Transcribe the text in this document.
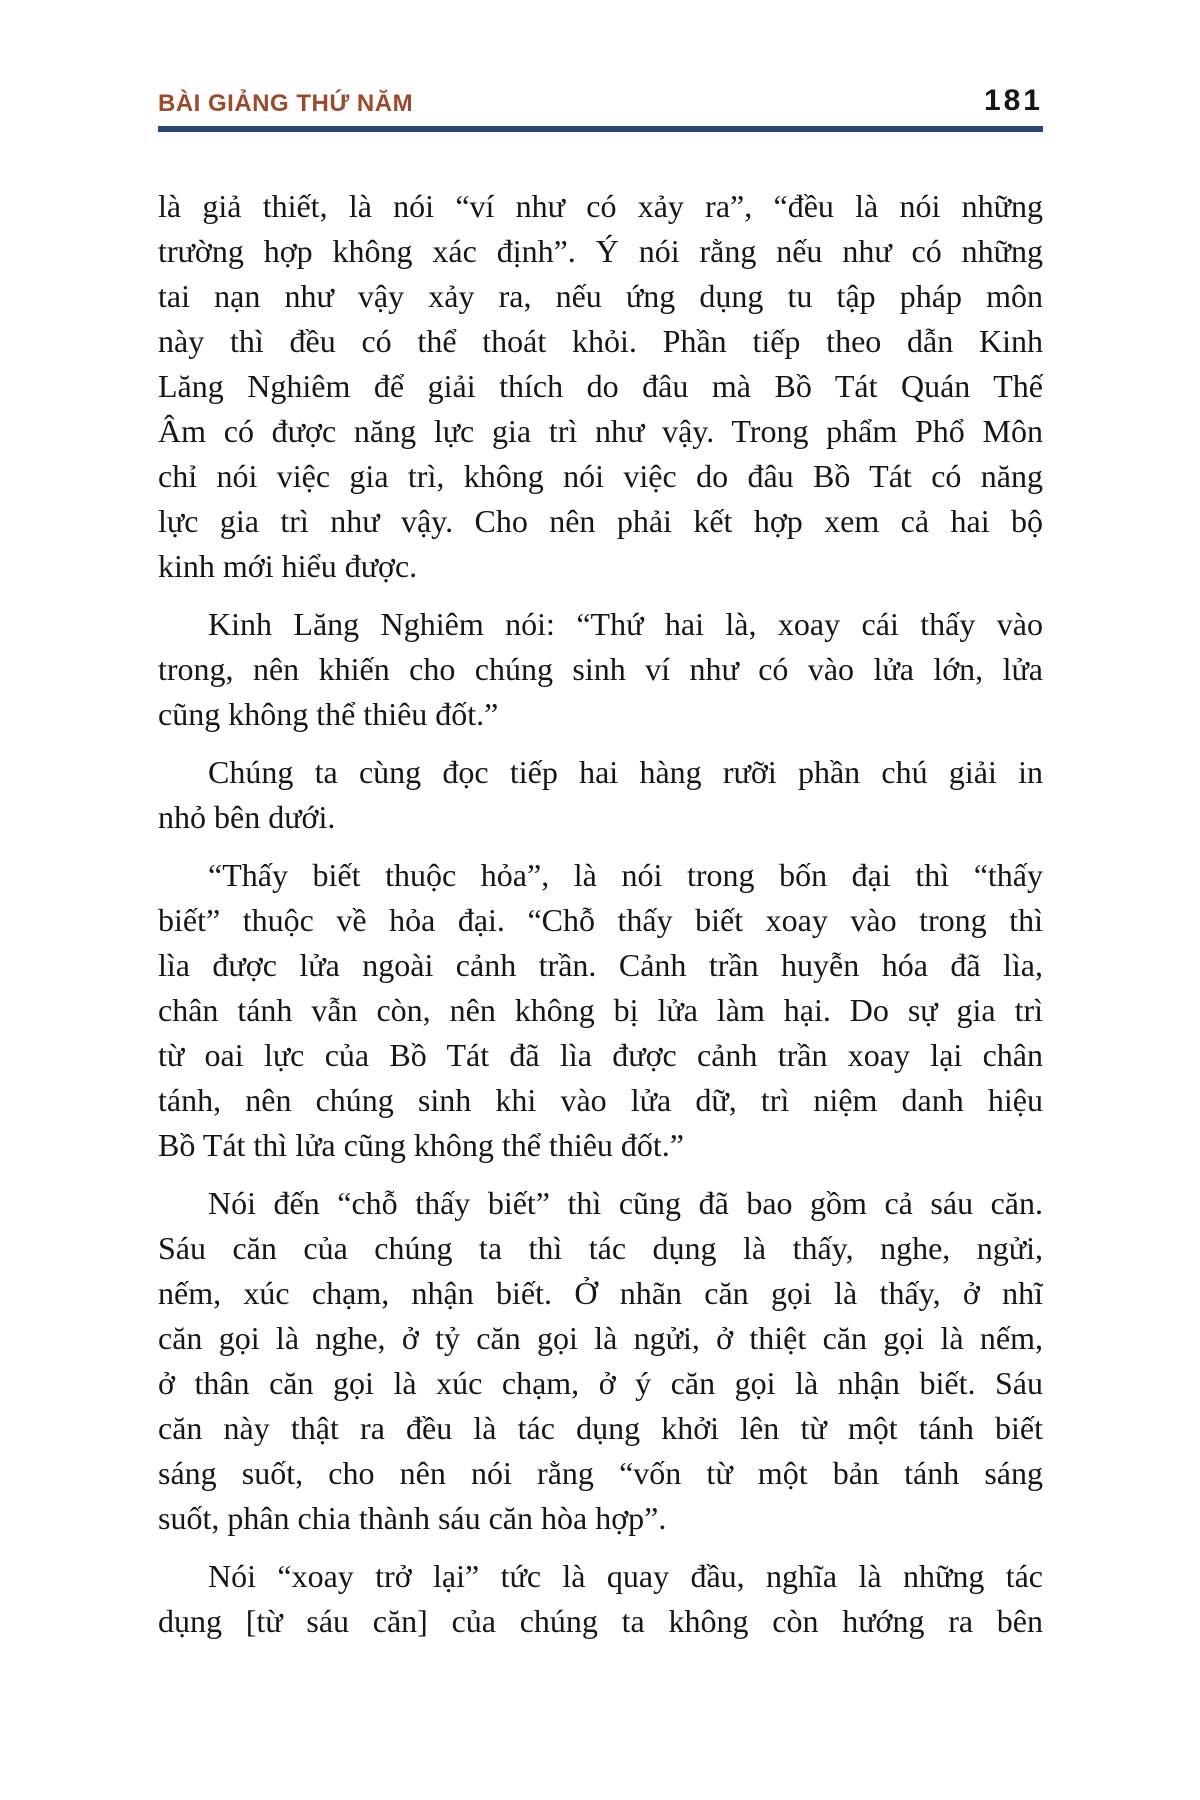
BÀI GIẢNG THỨ NĂM	181
là giả thiết, là nói “ví như có xảy ra”, “đều là nói những
trường hợp không xác định”. Ý nói rằng nếu như có những
tai nạn như vậy xảy ra, nếu ứng dụng tu tập pháp môn
này thì đều có thể thoát khỏi. Phần tiếp theo dẫn Kinh
Lăng Nghiêm để giải thích do đâu mà Bồ Tát Quán Thế
Âm có được năng lực gia trì như vậy. Trong phẩm Phổ Môn
chỉ nói việc gia trì, không nói việc do đâu Bồ Tát có năng
lực gia trì như vậy. Cho nên phải kết hợp xem cả hai bộ
kinh mới hiểu được.
Kinh Lăng Nghiêm nói: “Thứ hai là, xoay cái thấy vào
trong, nên khiến cho chúng sinh ví như có vào lửa lớn, lửa
cũng không thể thiêu đốt.”
Chúng ta cùng đọc tiếp hai hàng rưỡi phần chú giải in
nhỏ bên dưới.
“Thấy biết thuộc hỏa”, là nói trong bốn đại thì “thấy
biết” thuộc về hỏa đại. “Chỗ thấy biết xoay vào trong thì
lìa được lửa ngoài cảnh trần. Cảnh trần huyễn hóa đã lìa,
chân tánh vẫn còn, nên không bị lửa làm hại. Do sự gia trì
từ oai lực của Bồ Tát đã lìa được cảnh trần xoay lại chân
tánh, nên chúng sinh khi vào lửa dữ, trì niệm danh hiệu
Bồ Tát thì lửa cũng không thể thiêu đốt.”
Nói đến “chỗ thấy biết” thì cũng đã bao gồm cả sáu căn.
Sáu căn của chúng ta thì tác dụng là thấy, nghe, ngửi,
nếm, xúc chạm, nhận biết. Ở nhãn căn gọi là thấy, ở nhĩ
căn gọi là nghe, ở tỷ căn gọi là ngửi, ở thiệt căn gọi là nếm,
ở thân căn gọi là xúc chạm, ở ý căn gọi là nhận biết. Sáu
căn này thật ra đều là tác dụng khởi lên từ một tánh biết
sáng suốt, cho nên nói rằng “vốn từ một bản tánh sáng
suốt, phân chia thành sáu căn hòa hợp”.
Nói “xoay trở lại” tức là quay đầu, nghĩa là những tác
dụng [từ sáu căn] của chúng ta không còn hướng ra bên
